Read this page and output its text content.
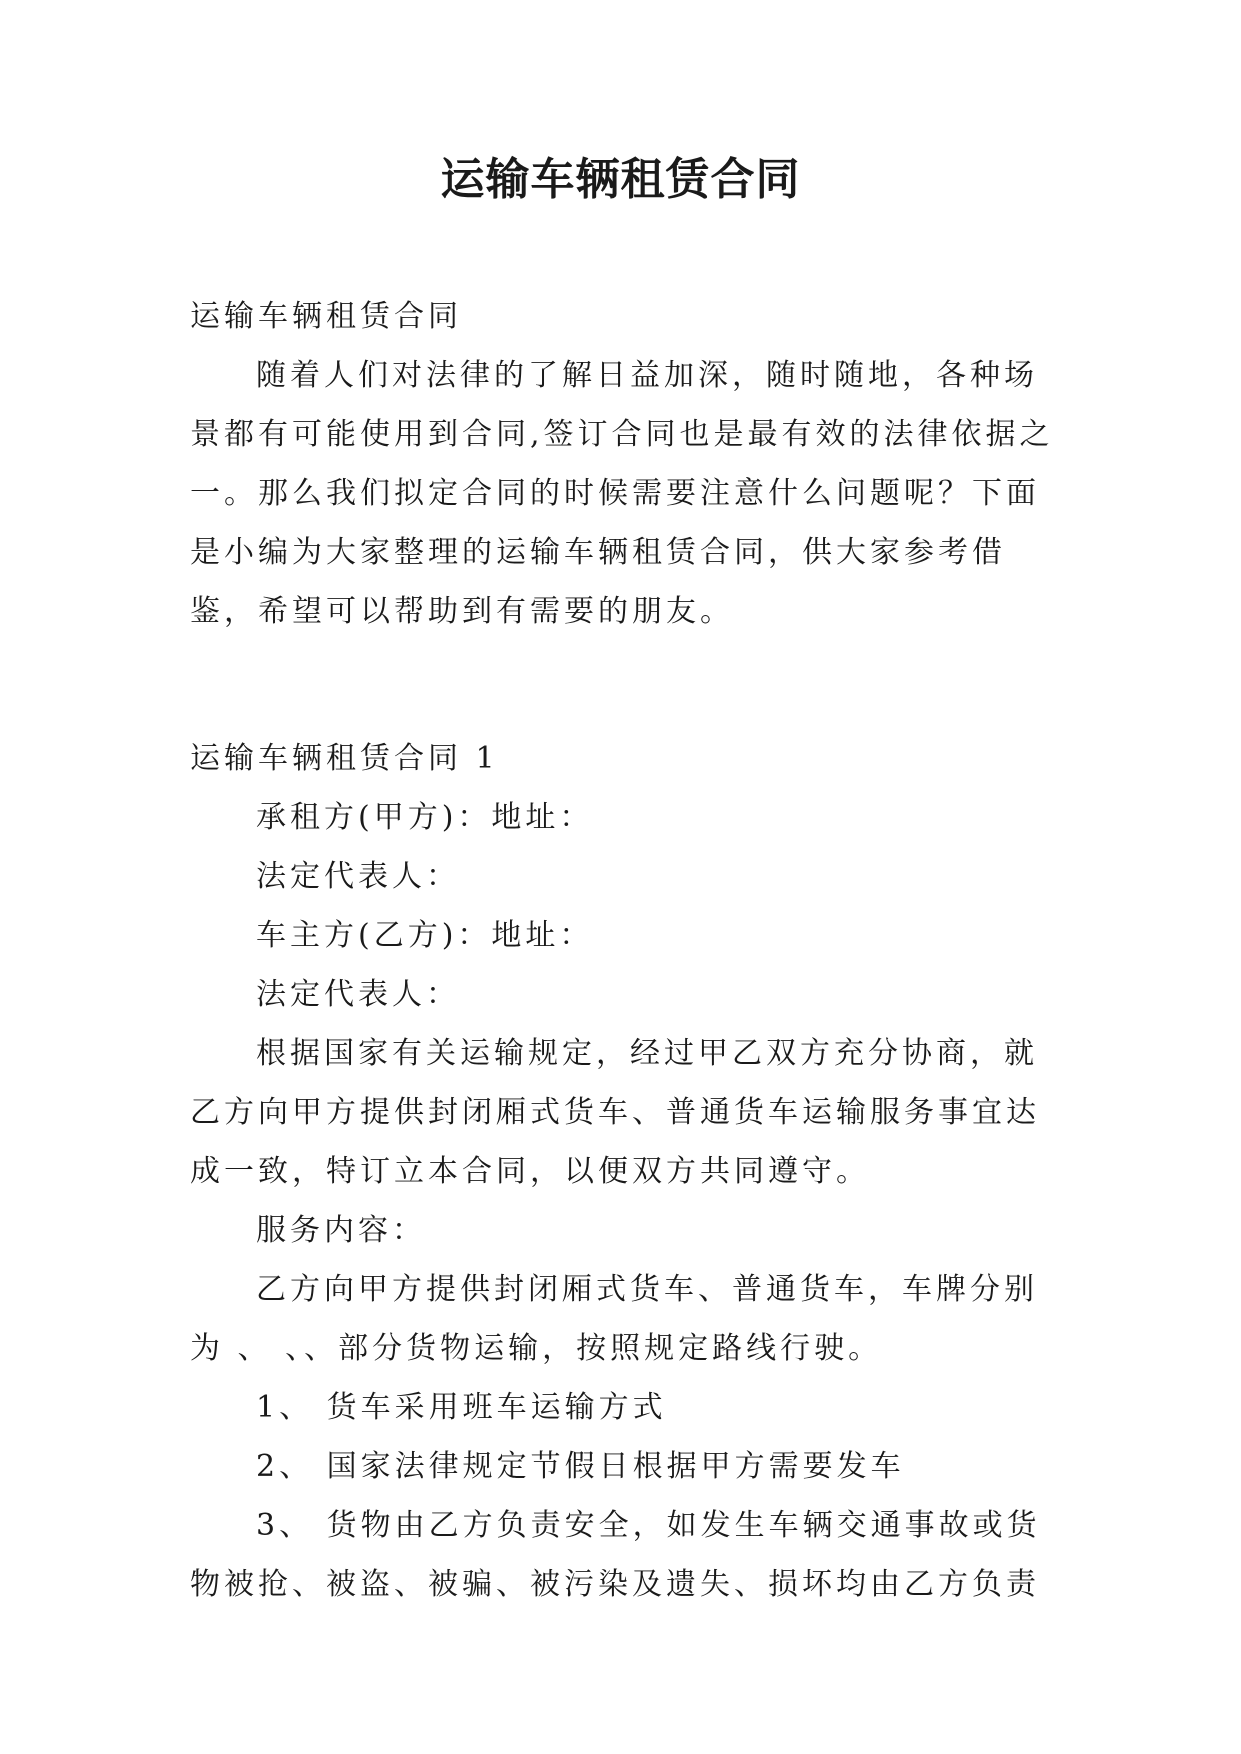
运输车辆租赁合同

运输车辆租赁合同

随着人们对法律的了解日益加深，随时随地，各种场景都有可能使用到合同,签订合同也是最有效的法律依据之一。那么我们拟定合同的时候需要注意什么问题呢？下面是小编为大家整理的运输车辆租赁合同，供大家参考借鉴，希望可以帮助到有需要的朋友。

运输车辆租赁合同 1

承租方(甲方)：地址：

法定代表人：

车主方(乙方)：地址：

法定代表人：

根据国家有关运输规定，经过甲乙双方充分协商，就乙方向甲方提供封闭厢式货车、普通货车运输服务事宜达成一致，特订立本合同，以便双方共同遵守。

服务内容：

乙方向甲方提供封闭厢式货车、普通货车，车牌分别为 、 、、部分货物运输，按照规定路线行驶。

1、 货车采用班车运输方式

2、 国家法律规定节假日根据甲方需要发车

3、 货物由乙方负责安全，如发生车辆交通事故或货物被抢、被盗、被骗、被污染及遗失、损坏均由乙方负责
